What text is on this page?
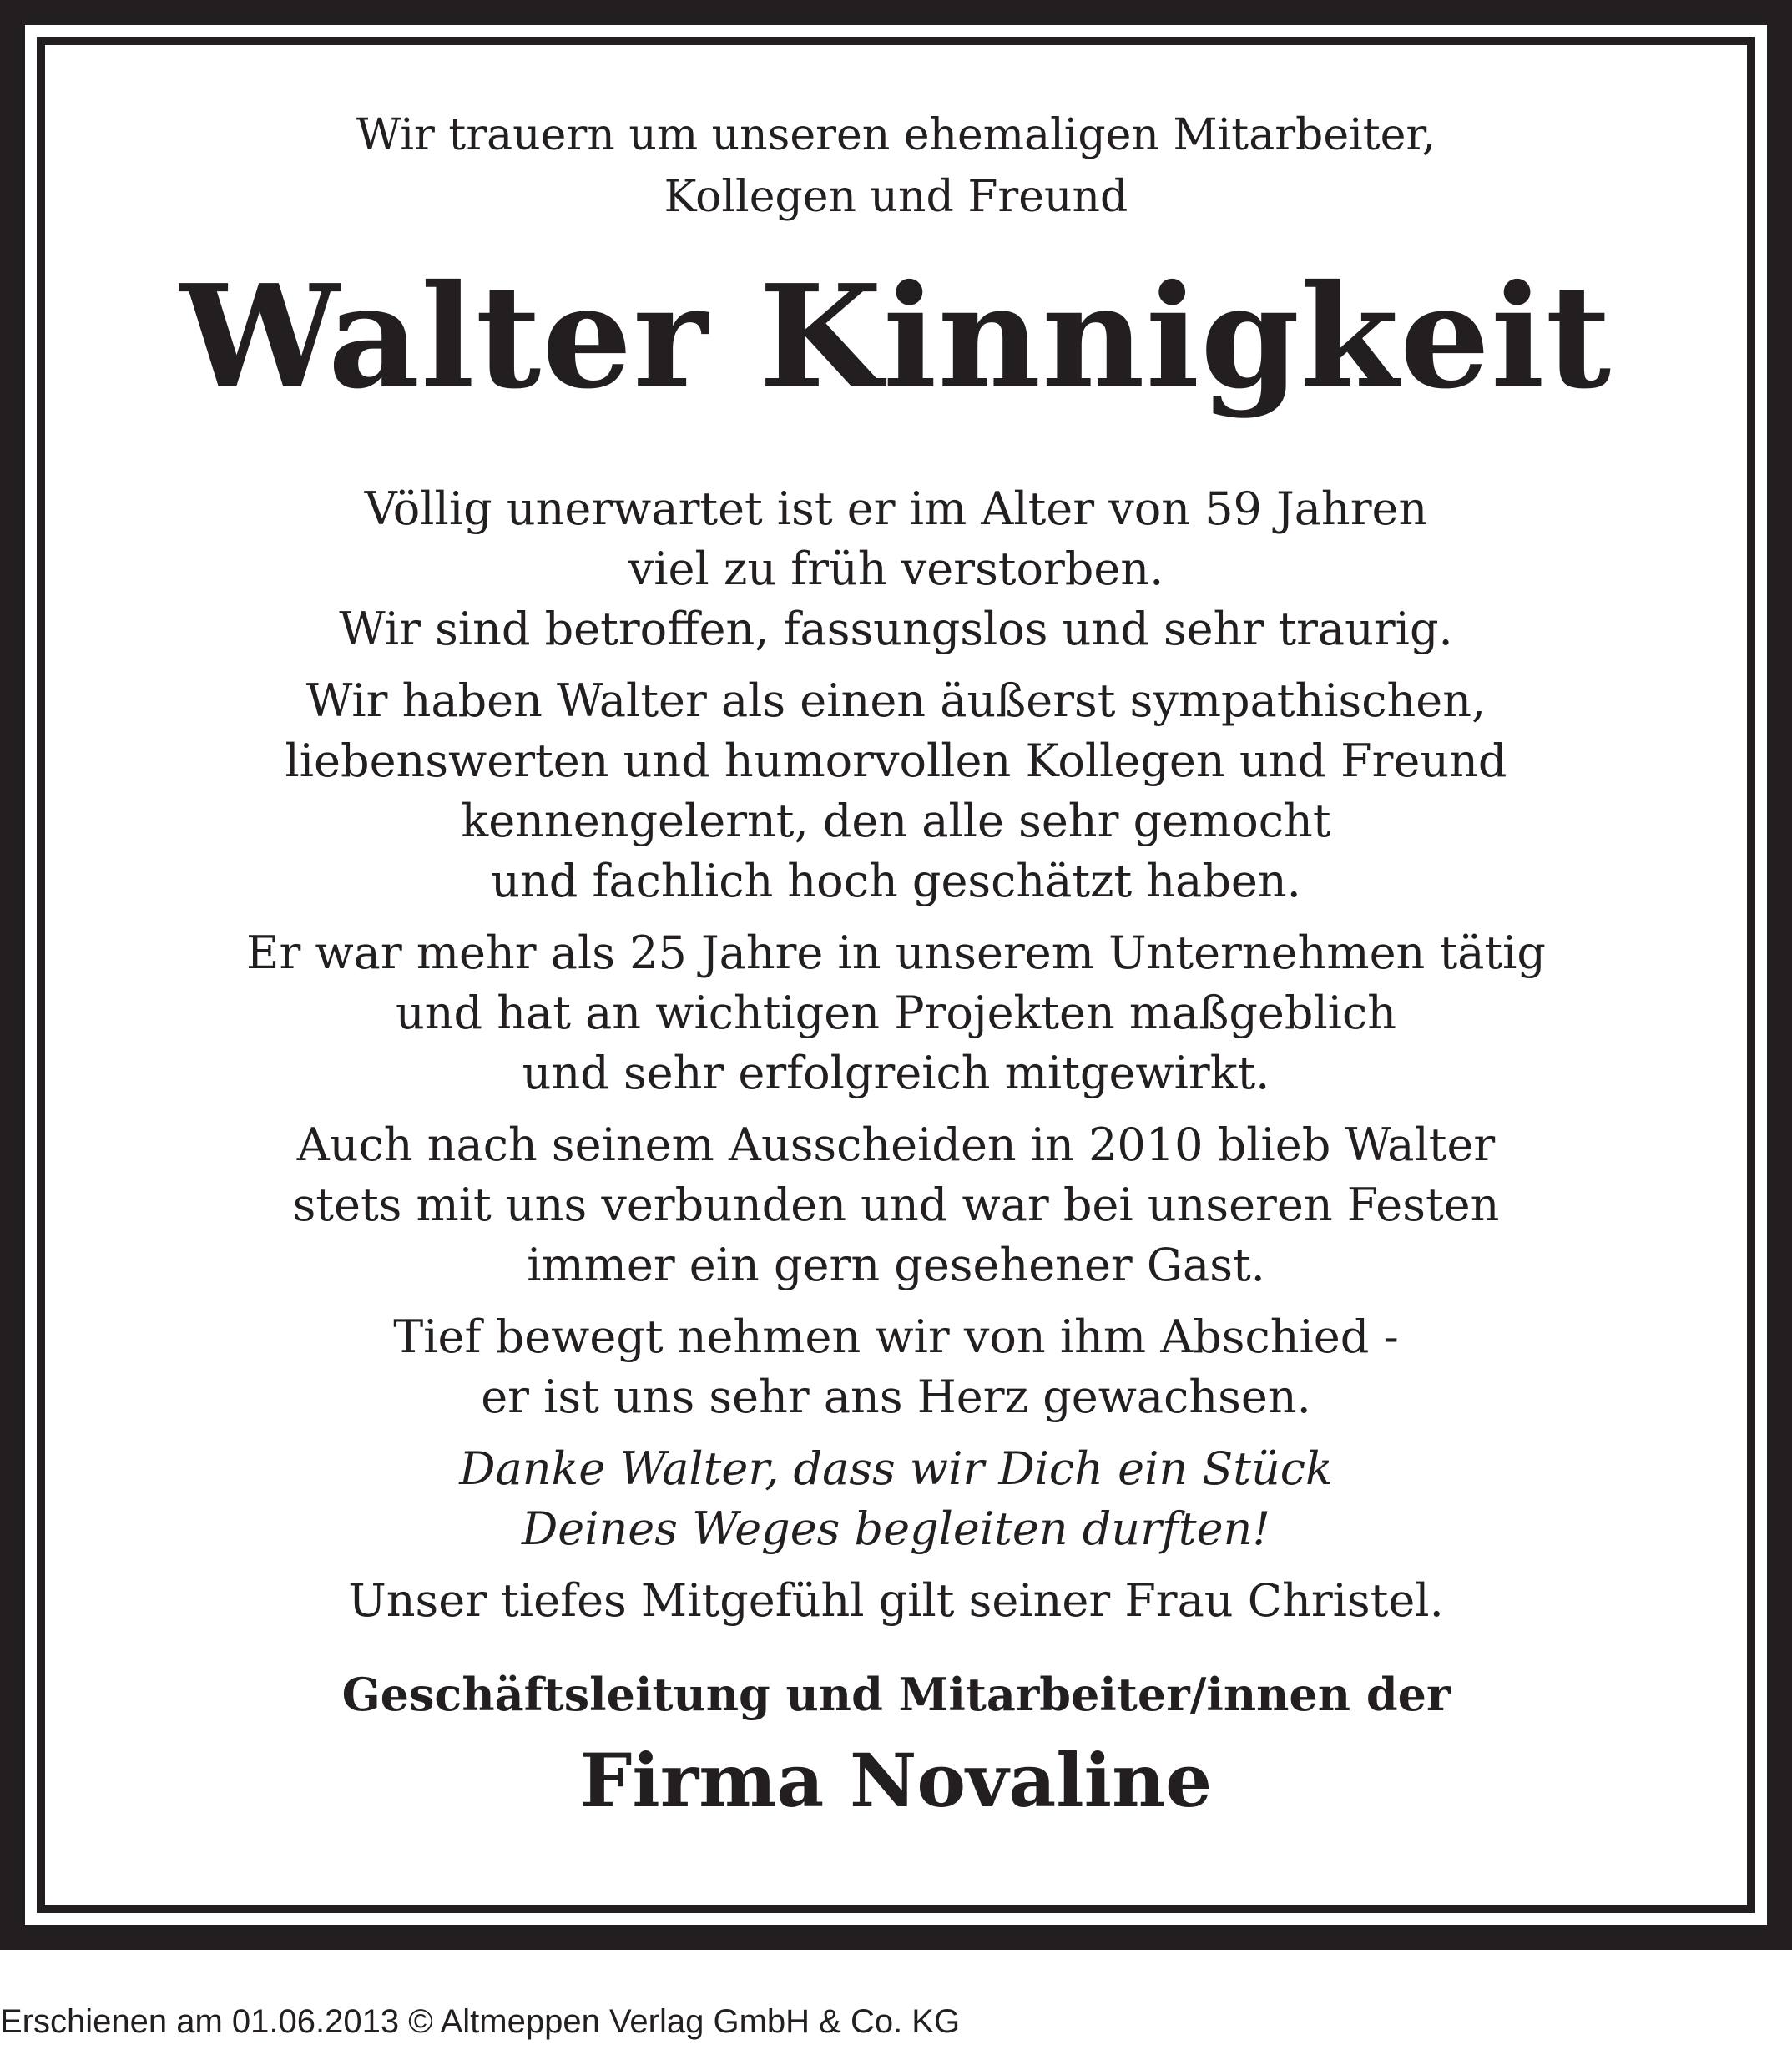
Wir trauern um unseren ehemaligen Mitarbeiter,
Kollegen und Freund
Walter Kinnigkeit
Völlig unerwartet ist er im Alter von 59 Jahren
viel zu früh verstorben.
Wir sind betroffen, fassungslos und sehr traurig.
Wir haben Walter als einen äußerst sympathischen,
liebenswerten und humorvollen Kollegen und Freund
kennengelernt, den alle sehr gemocht
und fachlich hoch geschätzt haben.
Er war mehr als 25 Jahre in unserem Unternehmen tätig
und hat an wichtigen Projekten maßgeblich
und sehr erfolgreich mitgewirkt.
Auch nach seinem Ausscheiden in 2010 blieb Walter
stets mit uns verbunden und war bei unseren Festen
immer ein gern gesehener Gast.
Tief bewegt nehmen wir von ihm Abschied -
er ist uns sehr ans Herz gewachsen.
Danke Walter, dass wir Dich ein Stück
Deines Weges begleiten durften!
Unser tiefes Mitgefühl gilt seiner Frau Christel.
Geschäftsleitung und Mitarbeiter/innen der
Firma Novaline
Erschienen am 01.06.2013 © Altmeppen Verlag GmbH & Co. KG
